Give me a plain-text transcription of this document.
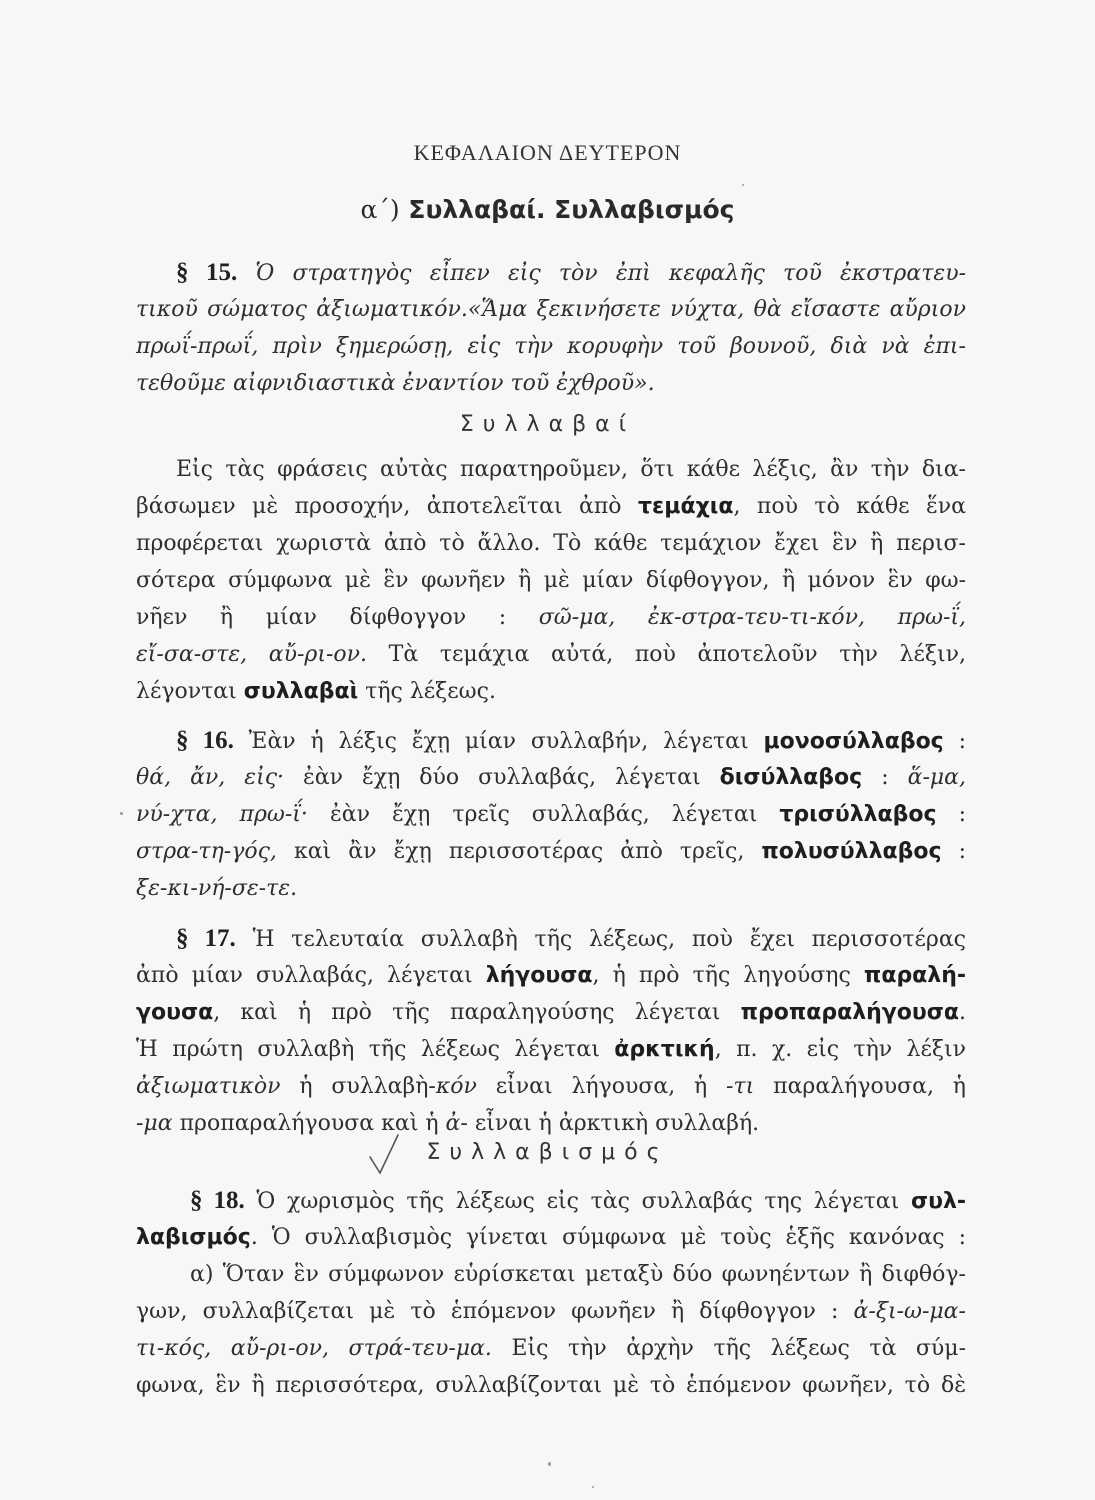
ΚΕΦΑΛΑΙΟΝ ΔΕΥΤΕΡΟΝ
α΄) Συλλαβαί. Συλλαβισμός
§ 15. Ὁ στρατηγὸς εἶπεν εἰς τὸν ἐπὶ κεφαλῆς τοῦ ἐκστρατευ-
τικοῦ σώματος ἀξιωματικόν.«Ἅμα ξεκινήσετε νύχτα, θὰ εἴσαστε αὔριον
πρωΐ-πρωΐ, πρὶν ξημερώσῃ, εἰς τὴν κορυφὴν τοῦ βουνοῦ, διὰ νὰ ἐπι-
τεθοῦμε αἰφνιδιαστικὰ ἐναντίον τοῦ ἐχθροῦ».
Συλλαβαί
Εἰς τὰς φράσεις αὐτὰς παρατηροῦμεν, ὅτι κάθε λέξις, ἂν τὴν δια-
βάσωμεν μὲ προσοχήν, ἀποτελεῖται ἀπὸ τεμάχια, ποὺ τὸ κάθε ἕνα
προφέρεται χωριστὰ ἀπὸ τὸ ἄλλο. Τὸ κάθε τεμάχιον ἔχει ἓν ἢ περισ-
σότερα σύμφωνα μὲ ἓν φωνῆεν ἢ μὲ μίαν δίφθογγον, ἢ μόνον ἓν φω-
νῆεν ἢ μίαν δίφθογγον : σῶ-μα, ἐκ-στρα-τευ-τι-κόν, πρω-ΐ,
εἴ-σα-στε, αὔ-ρι-ον. Τὰ τεμάχια αὐτά, ποὺ ἀποτελοῦν τὴν λέξιν,
λέγονται συλλαβαὶ τῆς λέξεως.
§ 16. Ἐὰν ἡ λέξις ἔχῃ μίαν συλλαβήν, λέγεται μονοσύλλαβος :
θά, ἄν, εἰς· ἐὰν ἔχῃ δύο συλλαβάς, λέγεται δισύλλαβος : ἅ-μα,
νύ-χτα, πρω-ΐ· ἐὰν ἔχῃ τρεῖς συλλαβάς, λέγεται τρισύλλαβος :
στρα-τη-γός, καὶ ἂν ἔχῃ περισσοτέρας ἀπὸ τρεῖς, πολυσύλλαβος :
ξε-κι-νή-σε-τε.
§ 17. Ἡ τελευταία συλλαβὴ τῆς λέξεως, ποὺ ἔχει περισσοτέρας
ἀπὸ μίαν συλλαβάς, λέγεται λήγουσα, ἡ πρὸ τῆς ληγούσης παραλή-
γουσα, καὶ ἡ πρὸ τῆς παραληγούσης λέγεται προπαραλήγουσα.
Ἡ πρώτη συλλαβὴ τῆς λέξεως λέγεται ἀρκτική, π. χ. εἰς τὴν λέξιν
ἀξιωματικὸν ἡ συλλαβὴ-κόν εἶναι λήγουσα, ἡ -τι παραλήγουσα, ἡ
-μα προπαραλήγουσα καὶ ἡ ἀ- εἶναι ἡ ἀρκτικὴ συλλαβή.
Συλλαβισμός
§ 18. Ὁ χωρισμὸς τῆς λέξεως εἰς τὰς συλλαβάς της λέγεται συλ-
λαβισμός. Ὁ συλλαβισμὸς γίνεται σύμφωνα μὲ τοὺς ἑξῆς κανόνας :
α) Ὅταν ἓν σύμφωνον εὑρίσκεται μεταξὺ δύο φωνηέντων ἢ διφθόγ-
γων, συλλαβίζεται μὲ τὸ ἑπόμενον φωνῆεν ἢ δίφθογγον : ἀ-ξι-ω-μα-
τι-κός, αὔ-ρι-ον, στρά-τευ-μα. Εἰς τὴν ἀρχὴν τῆς λέξεως τὰ σύμ-
φωνα, ἓν ἢ περισσότερα, συλλαβίζονται μὲ τὸ ἑπόμενον φωνῆεν, τὸ δὲ
